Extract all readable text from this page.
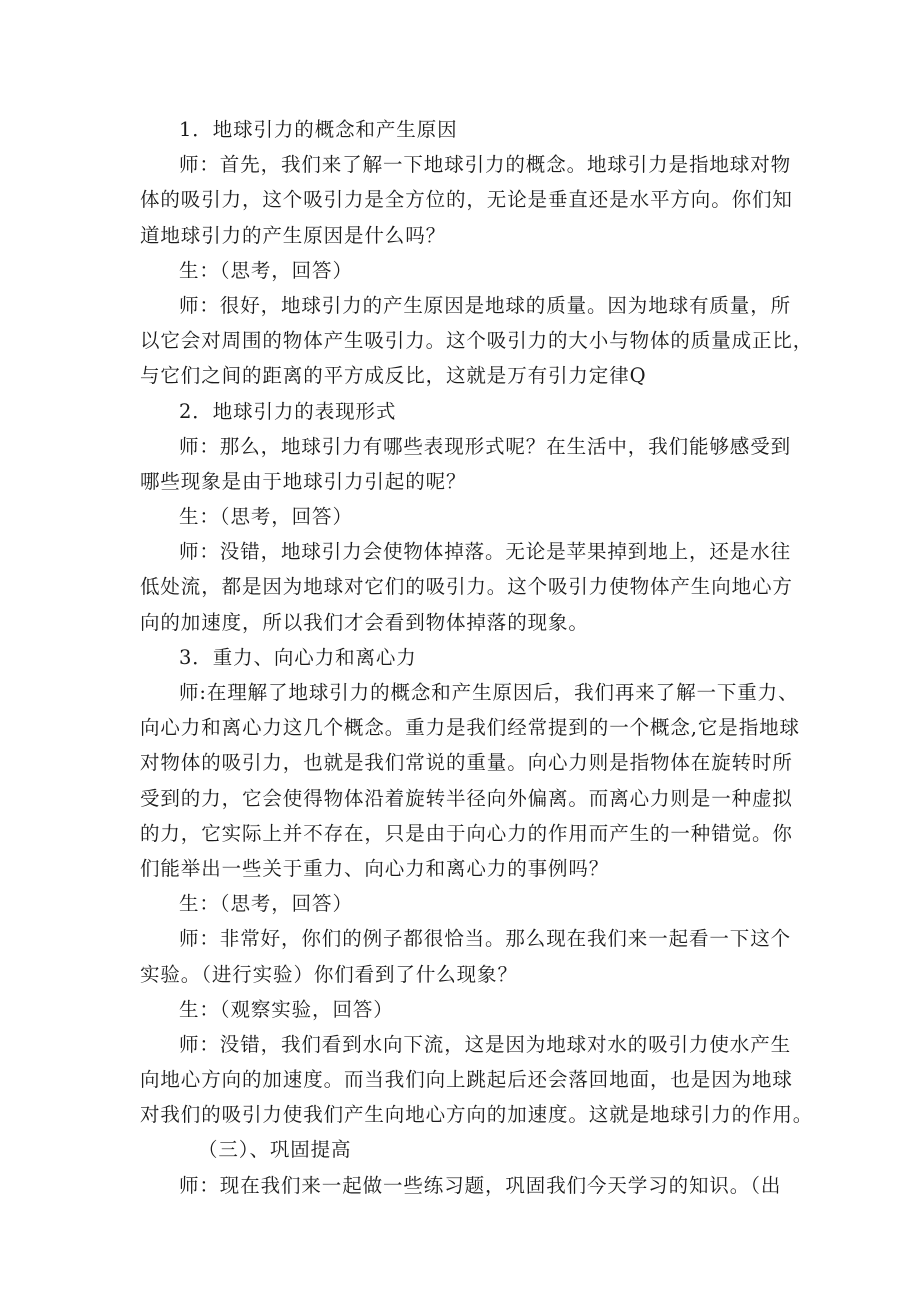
1．地球引力的概念和产生原因
师：首先，我们来了解一下地球引力的概念。地球引力是指地球对物
体的吸引力，这个吸引力是全方位的，无论是垂直还是水平方向。你们知
道地球引力的产生原因是什么吗？
生：（思考，回答）
师：很好，地球引力的产生原因是地球的质量。因为地球有质量，所
以它会对周围的物体产生吸引力。这个吸引力的大小与物体的质量成正比，
与它们之间的距离的平方成反比，这就是万有引力定律Q
2．地球引力的表现形式
师：那么，地球引力有哪些表现形式呢？在生活中，我们能够感受到
哪些现象是由于地球引力引起的呢？
生：（思考，回答）
师：没错，地球引力会使物体掉落。无论是苹果掉到地上，还是水往
低处流，都是因为地球对它们的吸引力。这个吸引力使物体产生向地心方
向的加速度，所以我们才会看到物体掉落的现象。
3．重力、向心力和离心力
师:在理解了地球引力的概念和产生原因后，我们再来了解一下重力、
向心力和离心力这几个概念。重力是我们经常提到的一个概念,它是指地球
对物体的吸引力，也就是我们常说的重量。向心力则是指物体在旋转时所
受到的力，它会使得物体沿着旋转半径向外偏离。而离心力则是一种虚拟
的力，它实际上并不存在，只是由于向心力的作用而产生的一种错觉。你
们能举出一些关于重力、向心力和离心力的事例吗？
生：（思考，回答）
师：非常好，你们的例子都很恰当。那么现在我们来一起看一下这个
实验。（进行实验）你们看到了什么现象？
生：（观察实验，回答）
师：没错，我们看到水向下流，这是因为地球对水的吸引力使水产生
向地心方向的加速度。而当我们向上跳起后还会落回地面，也是因为地球
对我们的吸引力使我们产生向地心方向的加速度。这就是地球引力的作用。
（三）、巩固提高
师：现在我们来一起做一些练习题，巩固我们今天学习的知识。（出
